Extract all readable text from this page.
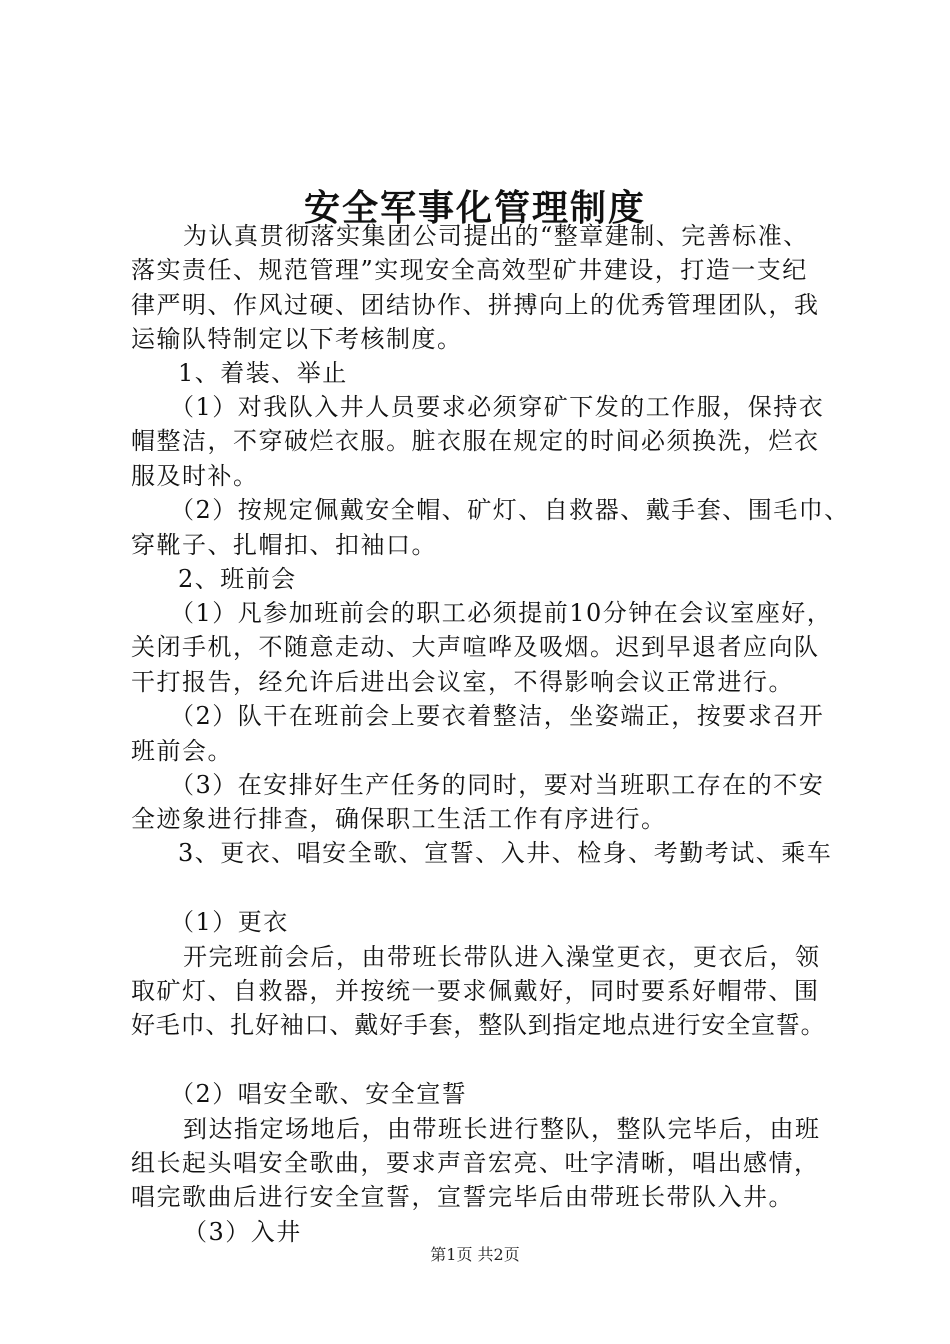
安全军事化管理制度
为认真贯彻落实集团公司提出的“整章建制、完善标准、
落实责任、规范管理”实现安全高效型矿井建设，打造一支纪
律严明、作风过硬、团结协作、拼搏向上的优秀管理团队，我
运输队特制定以下考核制度。
1、着装、举止
（1）对我队入井人员要求必须穿矿下发的工作服，保持衣
帽整洁，不穿破烂衣服。脏衣服在规定的时间必须换洗，烂衣
服及时补。
（2）按规定佩戴安全帽、矿灯、自救器、戴手套、围毛巾、
穿靴子、扎帽扣、扣袖口。
2、班前会
（1）凡参加班前会的职工必须提前10分钟在会议室座好，
关闭手机，不随意走动、大声喧哗及吸烟。迟到早退者应向队
干打报告，经允许后进出会议室，不得影响会议正常进行。
（2）队干在班前会上要衣着整洁，坐姿端正，按要求召开
班前会。
（3）在安排好生产任务的同时，要对当班职工存在的不安
全迹象进行排查，确保职工生活工作有序进行。
3、更衣、唱安全歌、宣誓、入井、检身、考勤考试、乘车
（1）更衣
开完班前会后，由带班长带队进入澡堂更衣，更衣后，领
取矿灯、自救器，并按统一要求佩戴好，同时要系好帽带、围
好毛巾、扎好袖口、戴好手套，整队到指定地点进行安全宣誓。
（2）唱安全歌、安全宣誓
到达指定场地后，由带班长进行整队，整队完毕后，由班
组长起头唱安全歌曲，要求声音宏亮、吐字清晰，唱出感情，
唱完歌曲后进行安全宣誓，宣誓完毕后由带班长带队入井。
（3）入井
第1页 共2页
